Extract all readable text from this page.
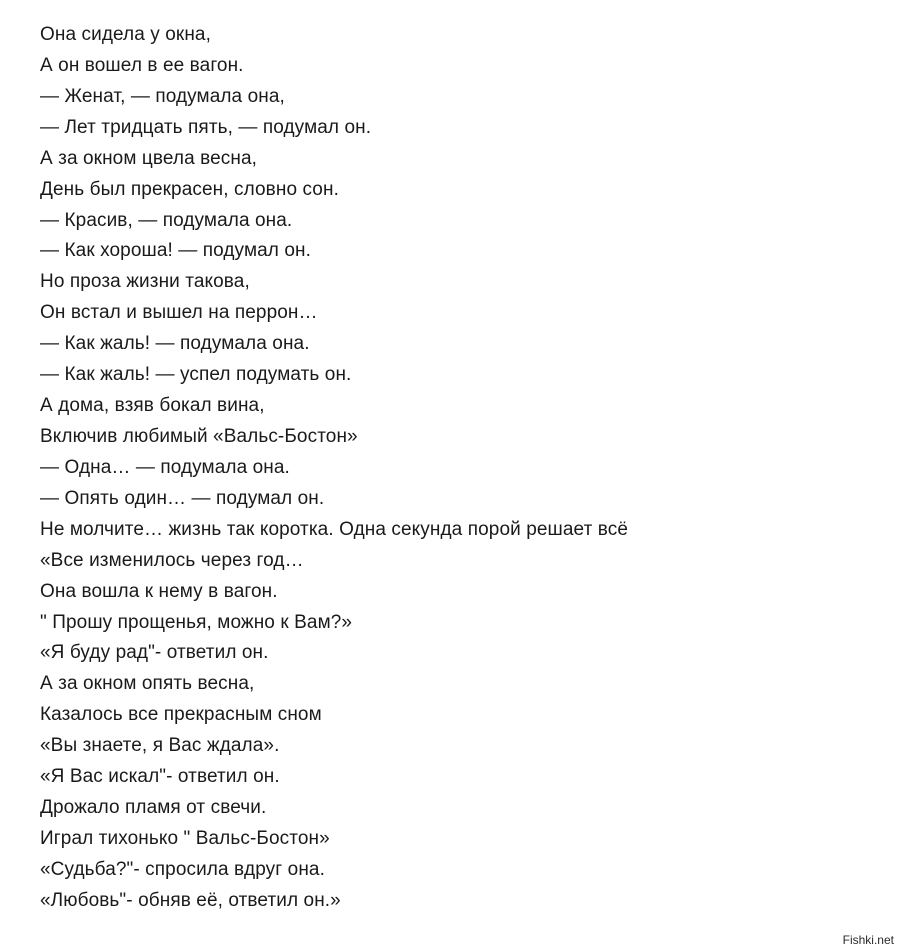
Она сидела у окна,
А он вошел в ее вагон.
— Женат, — подумала она,
— Лет тридцать пять, — подумал он.
А за окном цвела весна,
День был прекрасен, словно сон.
— Красив, — подумала она.
— Как хороша! — подумал он.
Но проза жизни такова,
Он встал и вышел на перрон…
— Как жаль! — подумала она.
— Как жаль! — успел подумать он.
А дома, взяв бокал вина,
Включив любимый «Вальс-Бостон»
— Одна… — подумала она.
— Опять один… — подумал он.
Не молчите… жизнь так коротка. Одна секунда порой решает всё
«Все изменилось через год…
Она вошла к нему в вагон.
" Прошу прощенья, можно к Вам?»
«Я буду рад"- ответил он.
А за окном опять весна,
Казалось все прекрасным сном
«Вы знаете, я Вас ждала».
«Я Вас искал"- ответил он.
Дрожало пламя от свечи.
Играл тихонько " Вальс-Бостон»
«Судьба?"- спросила вдруг она.
«Любовь"- обняв её, ответил он.»
Fishki.net
